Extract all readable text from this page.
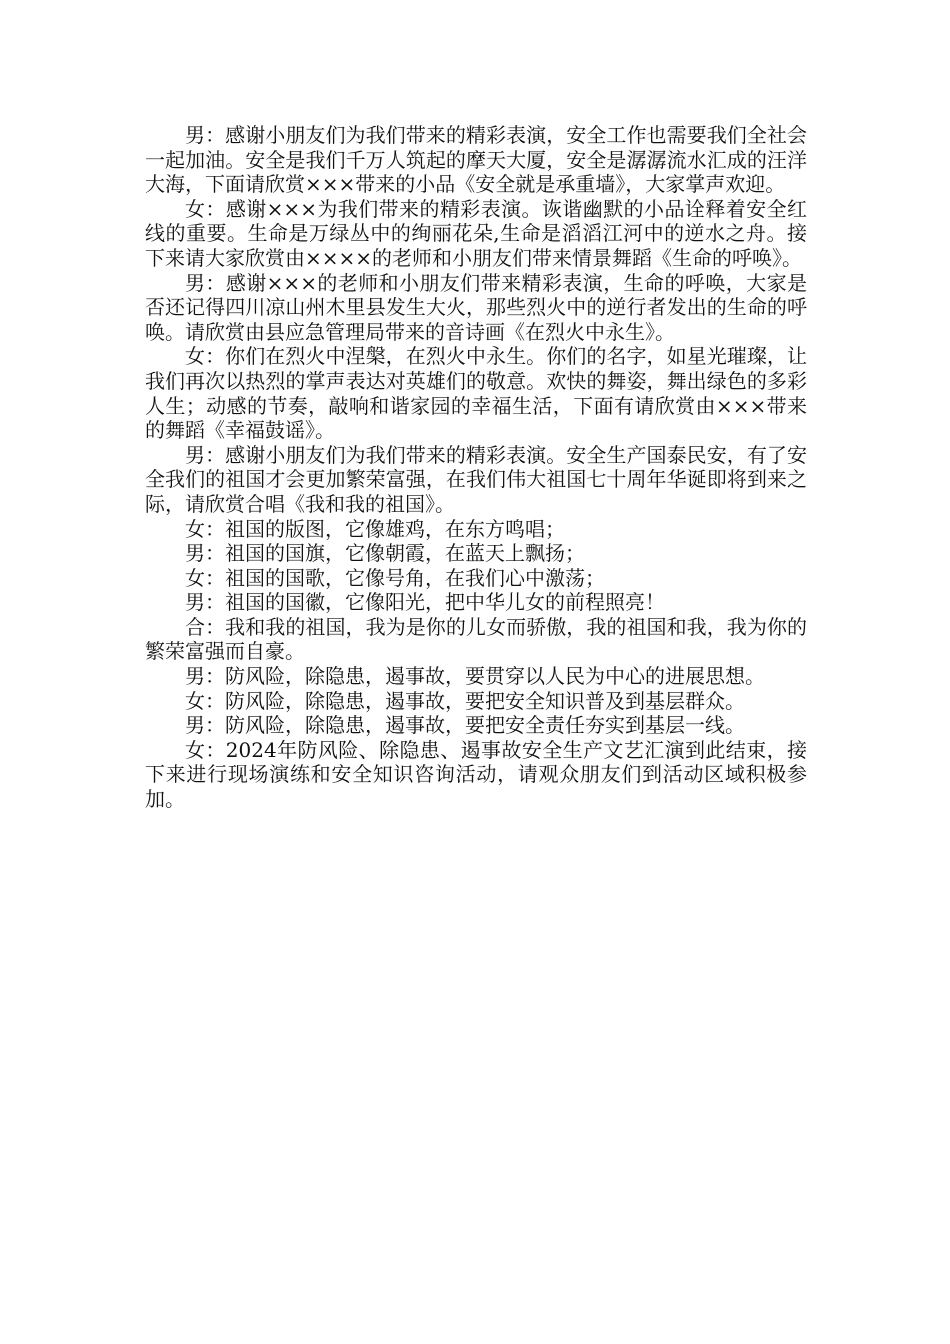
男：感谢小朋友们为我们带来的精彩表演，安全工作也需要我们全社会一起加油。安全是我们千万人筑起的摩天大厦，安全是潺潺流水汇成的汪洋大海，下面请欣赏×××带来的小品《安全就是承重墙》，大家掌声欢迎。

女：感谢×××为我们带来的精彩表演。诙谐幽默的小品诠释着安全红线的重要。生命是万绿丛中的绚丽花朵,生命是滔滔江河中的逆水之舟。接下来请大家欣赏由××××的老师和小朋友们带来情景舞蹈《生命的呼唤》。

男：感谢×××的老师和小朋友们带来精彩表演，生命的呼唤，大家是否还记得四川凉山州木里县发生大火，那些烈火中的逆行者发出的生命的呼唤。请欣赏由县应急管理局带来的音诗画《在烈火中永生》。

女：你们在烈火中涅槃，在烈火中永生。你们的名字，如星光璀璨，让我们再次以热烈的掌声表达对英雄们的敬意。欢快的舞姿，舞出绿色的多彩人生；动感的节奏，敲响和谐家园的幸福生活，下面有请欣赏由×××带来的舞蹈《幸福鼓谣》。

男：感谢小朋友们为我们带来的精彩表演。安全生产国泰民安，有了安全我们的祖国才会更加繁荣富强，在我们伟大祖国七十周年华诞即将到来之际，请欣赏合唱《我和我的祖国》。

女：祖国的版图，它像雄鸡，在东方鸣唱；

男：祖国的国旗，它像朝霞，在蓝天上飘扬；

女：祖国的国歌，它像号角，在我们心中激荡；

男：祖国的国徽，它像阳光，把中华儿女的前程照亮！

合：我和我的祖国，我为是你的儿女而骄傲，我的祖国和我，我为你的繁荣富强而自豪。

男：防风险，除隐患，遏事故，要贯穿以人民为中心的进展思想。

女：防风险，除隐患，遏事故，要把安全知识普及到基层群众。

男：防风险，除隐患，遏事故，要把安全责任夯实到基层一线。

女：2024年防风险、除隐患、遏事故安全生产文艺汇演到此结束，接下来进行现场演练和安全知识咨询活动，请观众朋友们到活动区域积极参加。
